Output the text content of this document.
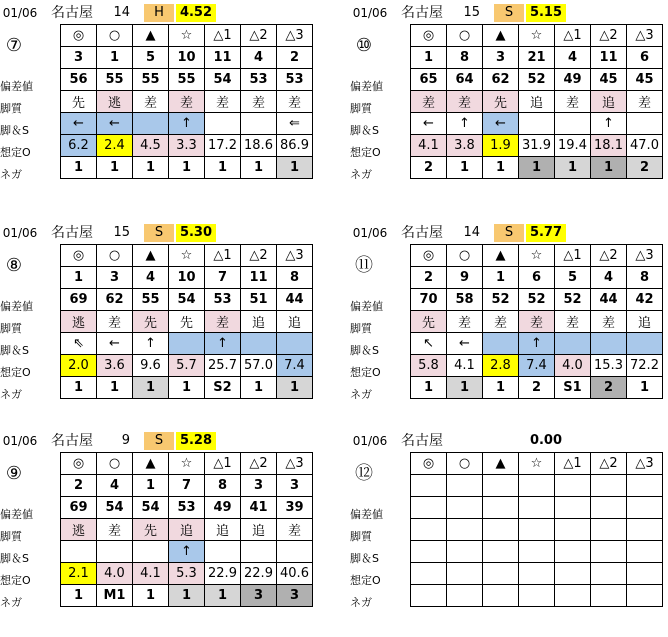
01/06 名古屋	14	H	4.52
⑦
偏差値
脚質
脚＆S
想定O
ネガ
◎	○	▲	☆	△1	△2	△3
3	1	5	10	11	4	2
56	55	55	55	54	53	53
先	逃	差	差	差	差	差
←	←		↑			⇐
6.2	2.4	4.5	3.3	17.2	18.6	86.9
1	1	1	1	1	1	1
01/06 名古屋	15	S	5.15
⑩
偏差値
脚質
脚＆S
想定O
ネガ
◎	○	▲	☆	△1	△2	△3
1	8	3	21	4	11	6
65	64	62	52	49	45	45
差	差	先	追	差	追	差
←	↑	←			↑	
4.1	3.8	1.9	31.9	19.4	18.1	47.0
2	1	1	1	1	1	2
01/06 名古屋	15	S	5.30
⑧
偏差値
脚質
脚＆S
想定O
ネガ
◎	○	▲	☆	△1	△2	△3
1	3	4	10	7	11	8
69	62	55	54	53	51	44
逃	差	先	先	差	追	追
⇖	←	↑		↑		
2.0	3.6	9.6	5.7	25.7	57.0	7.4
1	1	1	1	S2	1	1
01/06 名古屋	14	S	5.77
⑪
偏差値
脚質
脚＆S
想定O
ネガ
◎	○	▲	☆	△1	△2	△3
2	9	1	6	5	4	8
70	58	52	52	52	44	42
先	差	差	差	差	差	追
↖	←		↑			
5.8	4.1	2.8	7.4	4.0	15.3	72.2
1	1	1	2	S1	2	1
01/06 名古屋	9	S	5.28
⑨
偏差値
脚質
脚＆S
想定O
ネガ
◎	○	▲	☆	△1	△2	△3
2	4	1	7	8	3	3
69	54	54	53	49	41	39
逃	差	先	追	追	追	差
			↑			
2.1	4.0	4.1	5.3	22.9	22.9	40.6
1	M1	1	1	1	3	3
01/06 名古屋	0.00
⑫
偏差値
脚質
脚＆S
想定O
ネガ
◎	○	▲	☆	△1	△2	△3
